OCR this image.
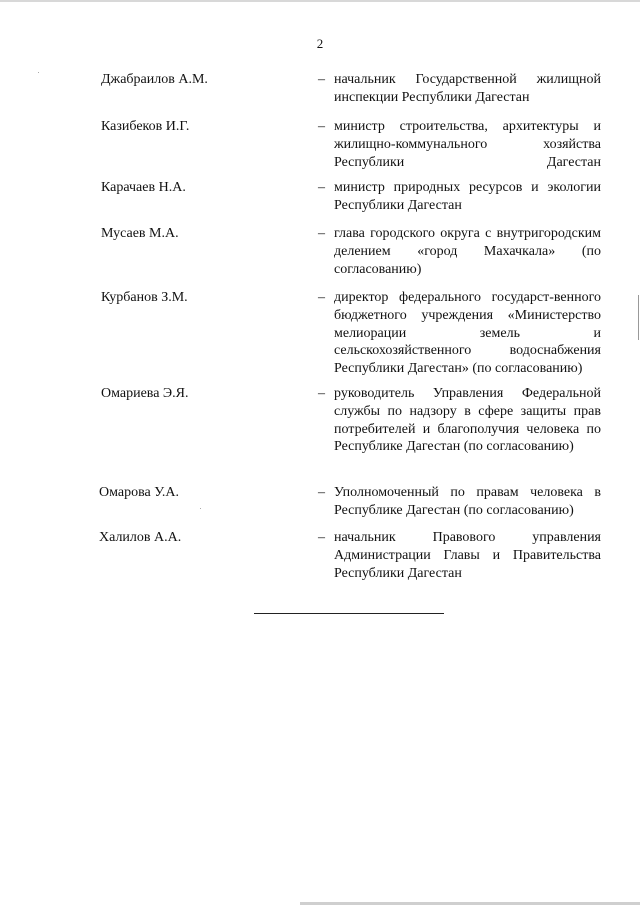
2
Джабраилов А.М.	– начальник Государственной жилищной инспекции Республики Дагестан
Казибеков И.Г.	– министр строительства, архитектуры и жилищно-коммунального хозяйства Республики Дагестан
Карачаев Н.А.	– министр природных ресурсов и экологии Республики Дагестан
Мусаев М.А.	– глава городского округа с внутригородским делением «город Махачкала» (по согласованию)
Курбанов З.М.	– директор федерального государст-венного бюджетного учреждения «Министерство мелиорации земель и сельскохозяйственного водоснабжения Республики Дагестан» (по согласованию)
Омариева Э.Я.	– руководитель Управления Федеральной службы по надзору в сфере защиты прав потребителей и благополучия человека по Республике Дагестан (по согласованию)
Омарова У.А.	– Уполномоченный по правам человека в Республике Дагестан (по согласованию)
Халилов А.А.	– начальник Правового управления Администрации Главы и Правительства Республики Дагестан
